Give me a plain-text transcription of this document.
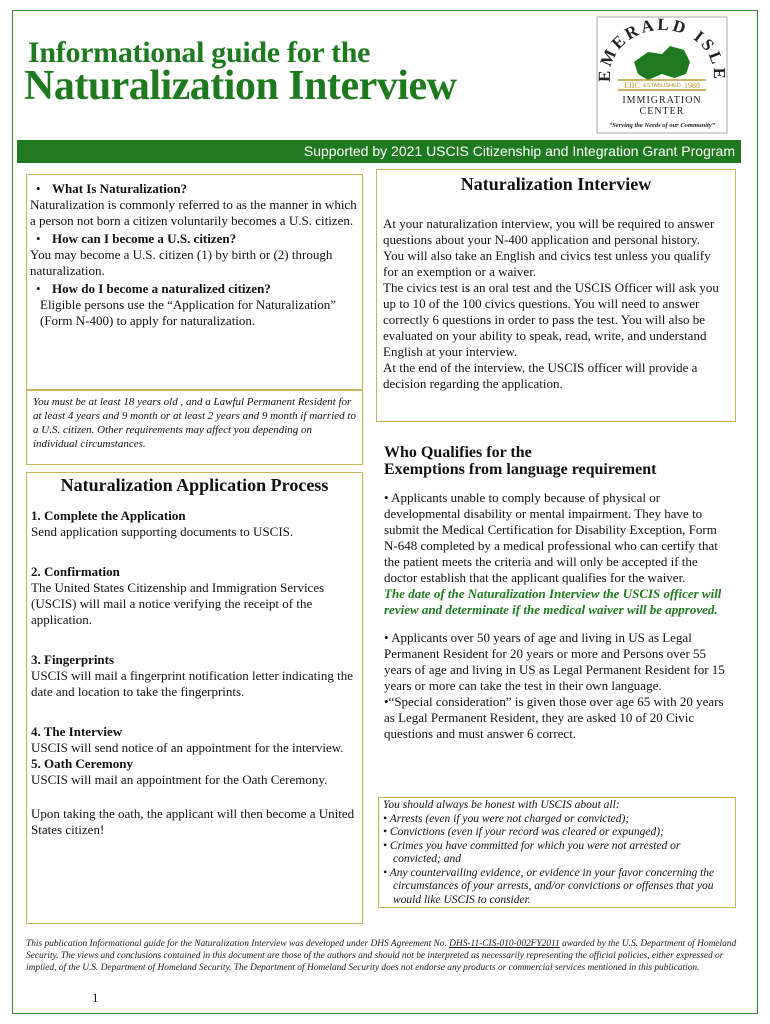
Informational guide for the
Naturalization Interview	EMERALD ISLE
EIIC ESTABLISHED 1988
IMMIGRATION
CENTER
“Serving the Needs of our Community”
Supported by 2021 USCIS Citizenship and Integration Grant Program

• What Is Naturalization?

Naturalization is commonly referred to as the manner in which a person not born a citizen voluntarily becomes a U.S. citizen.

• How can I become a U.S. citizen?

You may become a U.S. citizen (1) by birth or (2) through naturalization.

• How do I become a naturalized citizen?

Eligible persons use the “Application for Naturalization” (Form N-400) to apply for naturalization.

You must be at least 18 years old , and a Lawful Permanent Resident for at least 4 years and 9 month or at least 2 years and 9 month if married to a U.S. citizen. Other requirements may affect you depending on individual circumstances.

Naturalization Application Process

1. Complete the Application

Send application supporting documents to USCIS.

2. Confirmation

The United States Citizenship and Immigration Services (USCIS) will mail a notice verifying the receipt of the application.

3. Fingerprints

USCIS will mail a fingerprint notification letter indicating the date and location to take the fingerprints.

4. The Interview

USCIS will send notice of an appointment for the interview.

5. Oath Ceremony

USCIS will mail an appointment for the Oath Ceremony.

Upon taking the oath, the applicant will then become a United States citizen!

Naturalization Interview

At your naturalization interview, you will be required to answer questions about your N-400 application and personal history.

You will also take an English and civics test unless you qualify for an exemption or a waiver.

The civics test is an oral test and the USCIS Officer will ask you up to 10 of the 100 civics questions. You will need to answer correctly 6 questions in order to pass the test. You will also be evaluated on your ability to speak, read, write, and understand English at your interview.

At the end of the interview, the USCIS officer will provide a decision regarding the application.

Who Qualifies for the

Exemptions from language requirement

• Applicants unable to comply because of physical or developmental disability or mental impairment. They have to submit the Medical Certification for Disability Exception, Form N-648 completed by a medical professional who can certify that the patient meets the criteria and will only be accepted if the doctor establish that the applicant qualifies for the waiver.

The date of the Naturalization Interview the USCIS officer will review and determinate if the medical waiver will be approved.

• Applicants over 50 years of age and living in US as Legal Permanent Resident for 20 years or more and Persons over 55 years of age and living in US as Legal Permanent Resident for 15 years or more can take the test in their own language.

•“Special consideration” is given those over age 65 with 20 years as Legal Permanent Resident, they are asked 10 of 20 Civic questions and must answer 6 correct.

You should always be honest with USCIS about all:

• Arrests (even if you were not charged or convicted);

• Convictions (even if your record was cleared or expunged);

• Crimes you have committed for which you were not arrested or convicted; and

• Any countervailing evidence, or evidence in your favor concerning the circumstances of your arrests, and/or convictions or offenses that you would like USCIS to consider.

This publication Informational guide for the Naturalization Interview was developed under DHS Agreement No. DHS-11-CIS-010-002FY2011 awarded by the U.S. Department of Homeland Security. The views and conclusions contained in this document are those of the authors and should not be interpreted as necessarily representing the official policies, either expressed or implied, of the U.S. Department of Homeland Security. The Department of Homeland Security does not endorse any products or commercial services mentioned in this publication.
1
